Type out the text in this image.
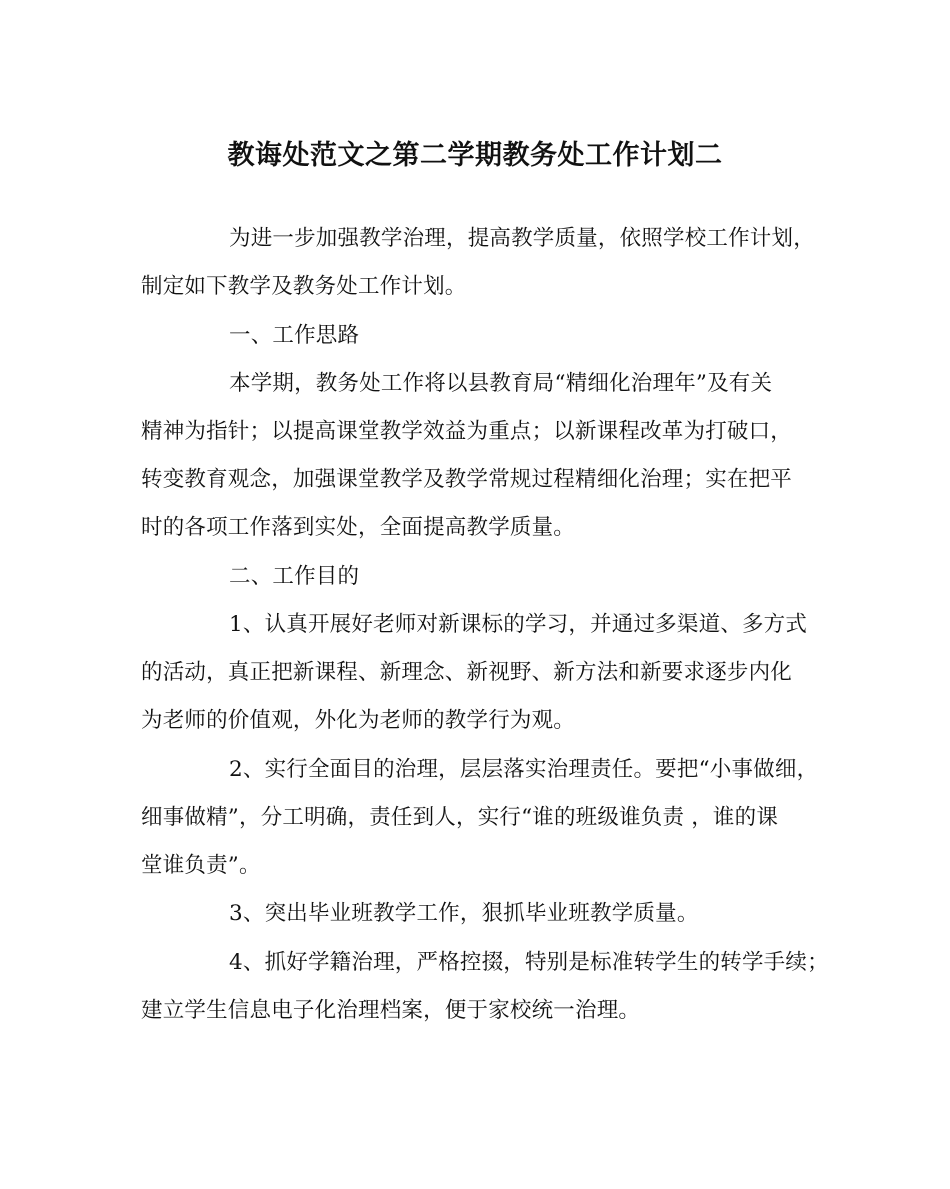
教诲处范文之第二学期教务处工作计划二
为进一步加强教学治理，提高教学质量，依照学校工作计划，
制定如下教学及教务处工作计划。
一、工作思路
本学期，教务处工作将以县教育局“精细化治理年”及有关
精神为指针；以提高课堂教学效益为重点；以新课程改革为打破口，
转变教育观念，加强课堂教学及教学常规过程精细化治理；实在把平
时的各项工作落到实处，全面提高教学质量。
二、工作目的
1、认真开展好老师对新课标的学习，并通过多渠道、多方式
的活动，真正把新课程、新理念、新视野、新方法和新要求逐步内化
为老师的价值观，外化为老师的教学行为观。
2、实行全面目的治理，层层落实治理责任。要把“小事做细，
细事做精”，分工明确，责任到人，实行“谁的班级谁负责 ，谁的课
堂谁负责”。
3、突出毕业班教学工作，狠抓毕业班教学质量。
4、抓好学籍治理，严格控掇，特别是标准转学生的转学手续；
建立学生信息电子化治理档案，便于家校统一治理。
